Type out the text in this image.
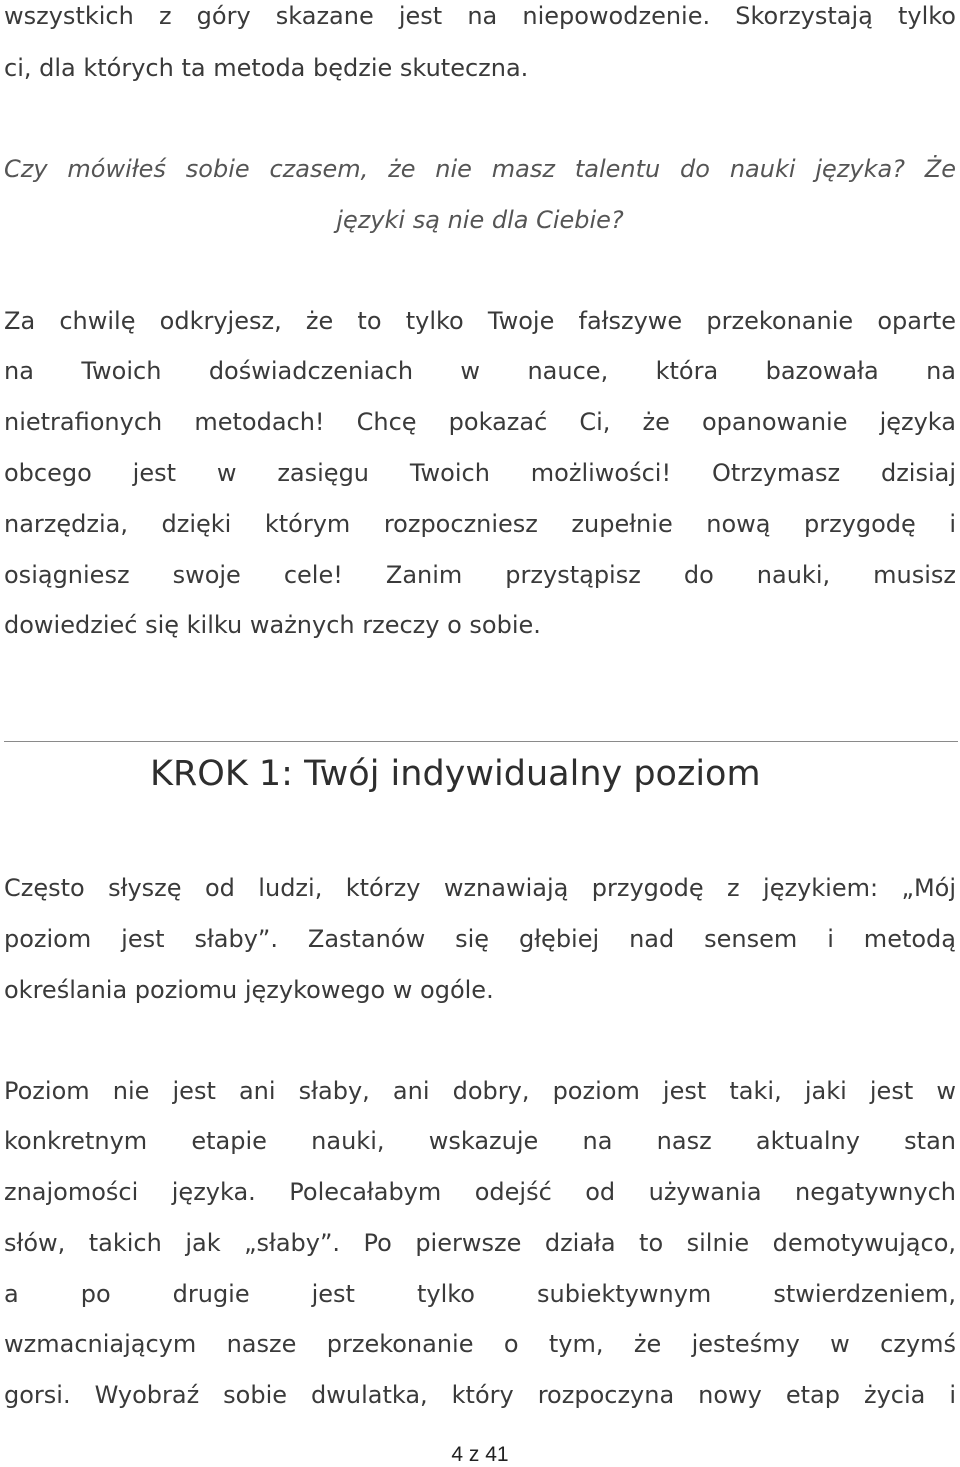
wszystkich z góry skazane jest na niepowodzenie. Skorzystają tylko
ci, dla których ta metoda będzie skuteczna.
Czy mówiłeś sobie czasem, że nie masz talentu do nauki języka? Że
języki są nie dla Ciebie?
Za chwilę odkryjesz, że to tylko Twoje fałszywe przekonanie oparte
na Twoich doświadczeniach w nauce, która bazowała na
nietrafionych metodach! Chcę pokazać Ci, że opanowanie języka
obcego jest w zasięgu Twoich możliwości! Otrzymasz dzisiaj
narzędzia, dzięki którym rozpoczniesz zupełnie nową przygodę i
osiągniesz swoje cele! Zanim przystąpisz do nauki, musisz
dowiedzieć się kilku ważnych rzeczy o sobie.
KROK 1: Twój indywidualny poziom
Często słyszę od ludzi, którzy wznawiają przygodę z językiem: „Mój
poziom jest słaby”. Zastanów się głębiej nad sensem i metodą
określania poziomu językowego w ogóle.
Poziom nie jest ani słaby, ani dobry, poziom jest taki, jaki jest w
konkretnym etapie nauki, wskazuje na nasz aktualny stan
znajomości języka. Polecałabym odejść od używania negatywnych
słów, takich jak „słaby”. Po pierwsze działa to silnie demotywująco,
a po drugie jest tylko subiektywnym stwierdzeniem,
wzmacniającym nasze przekonanie o tym, że jesteśmy w czymś
gorsi. Wyobraź sobie dwulatka, który rozpoczyna nowy etap życia i
4 z 41
